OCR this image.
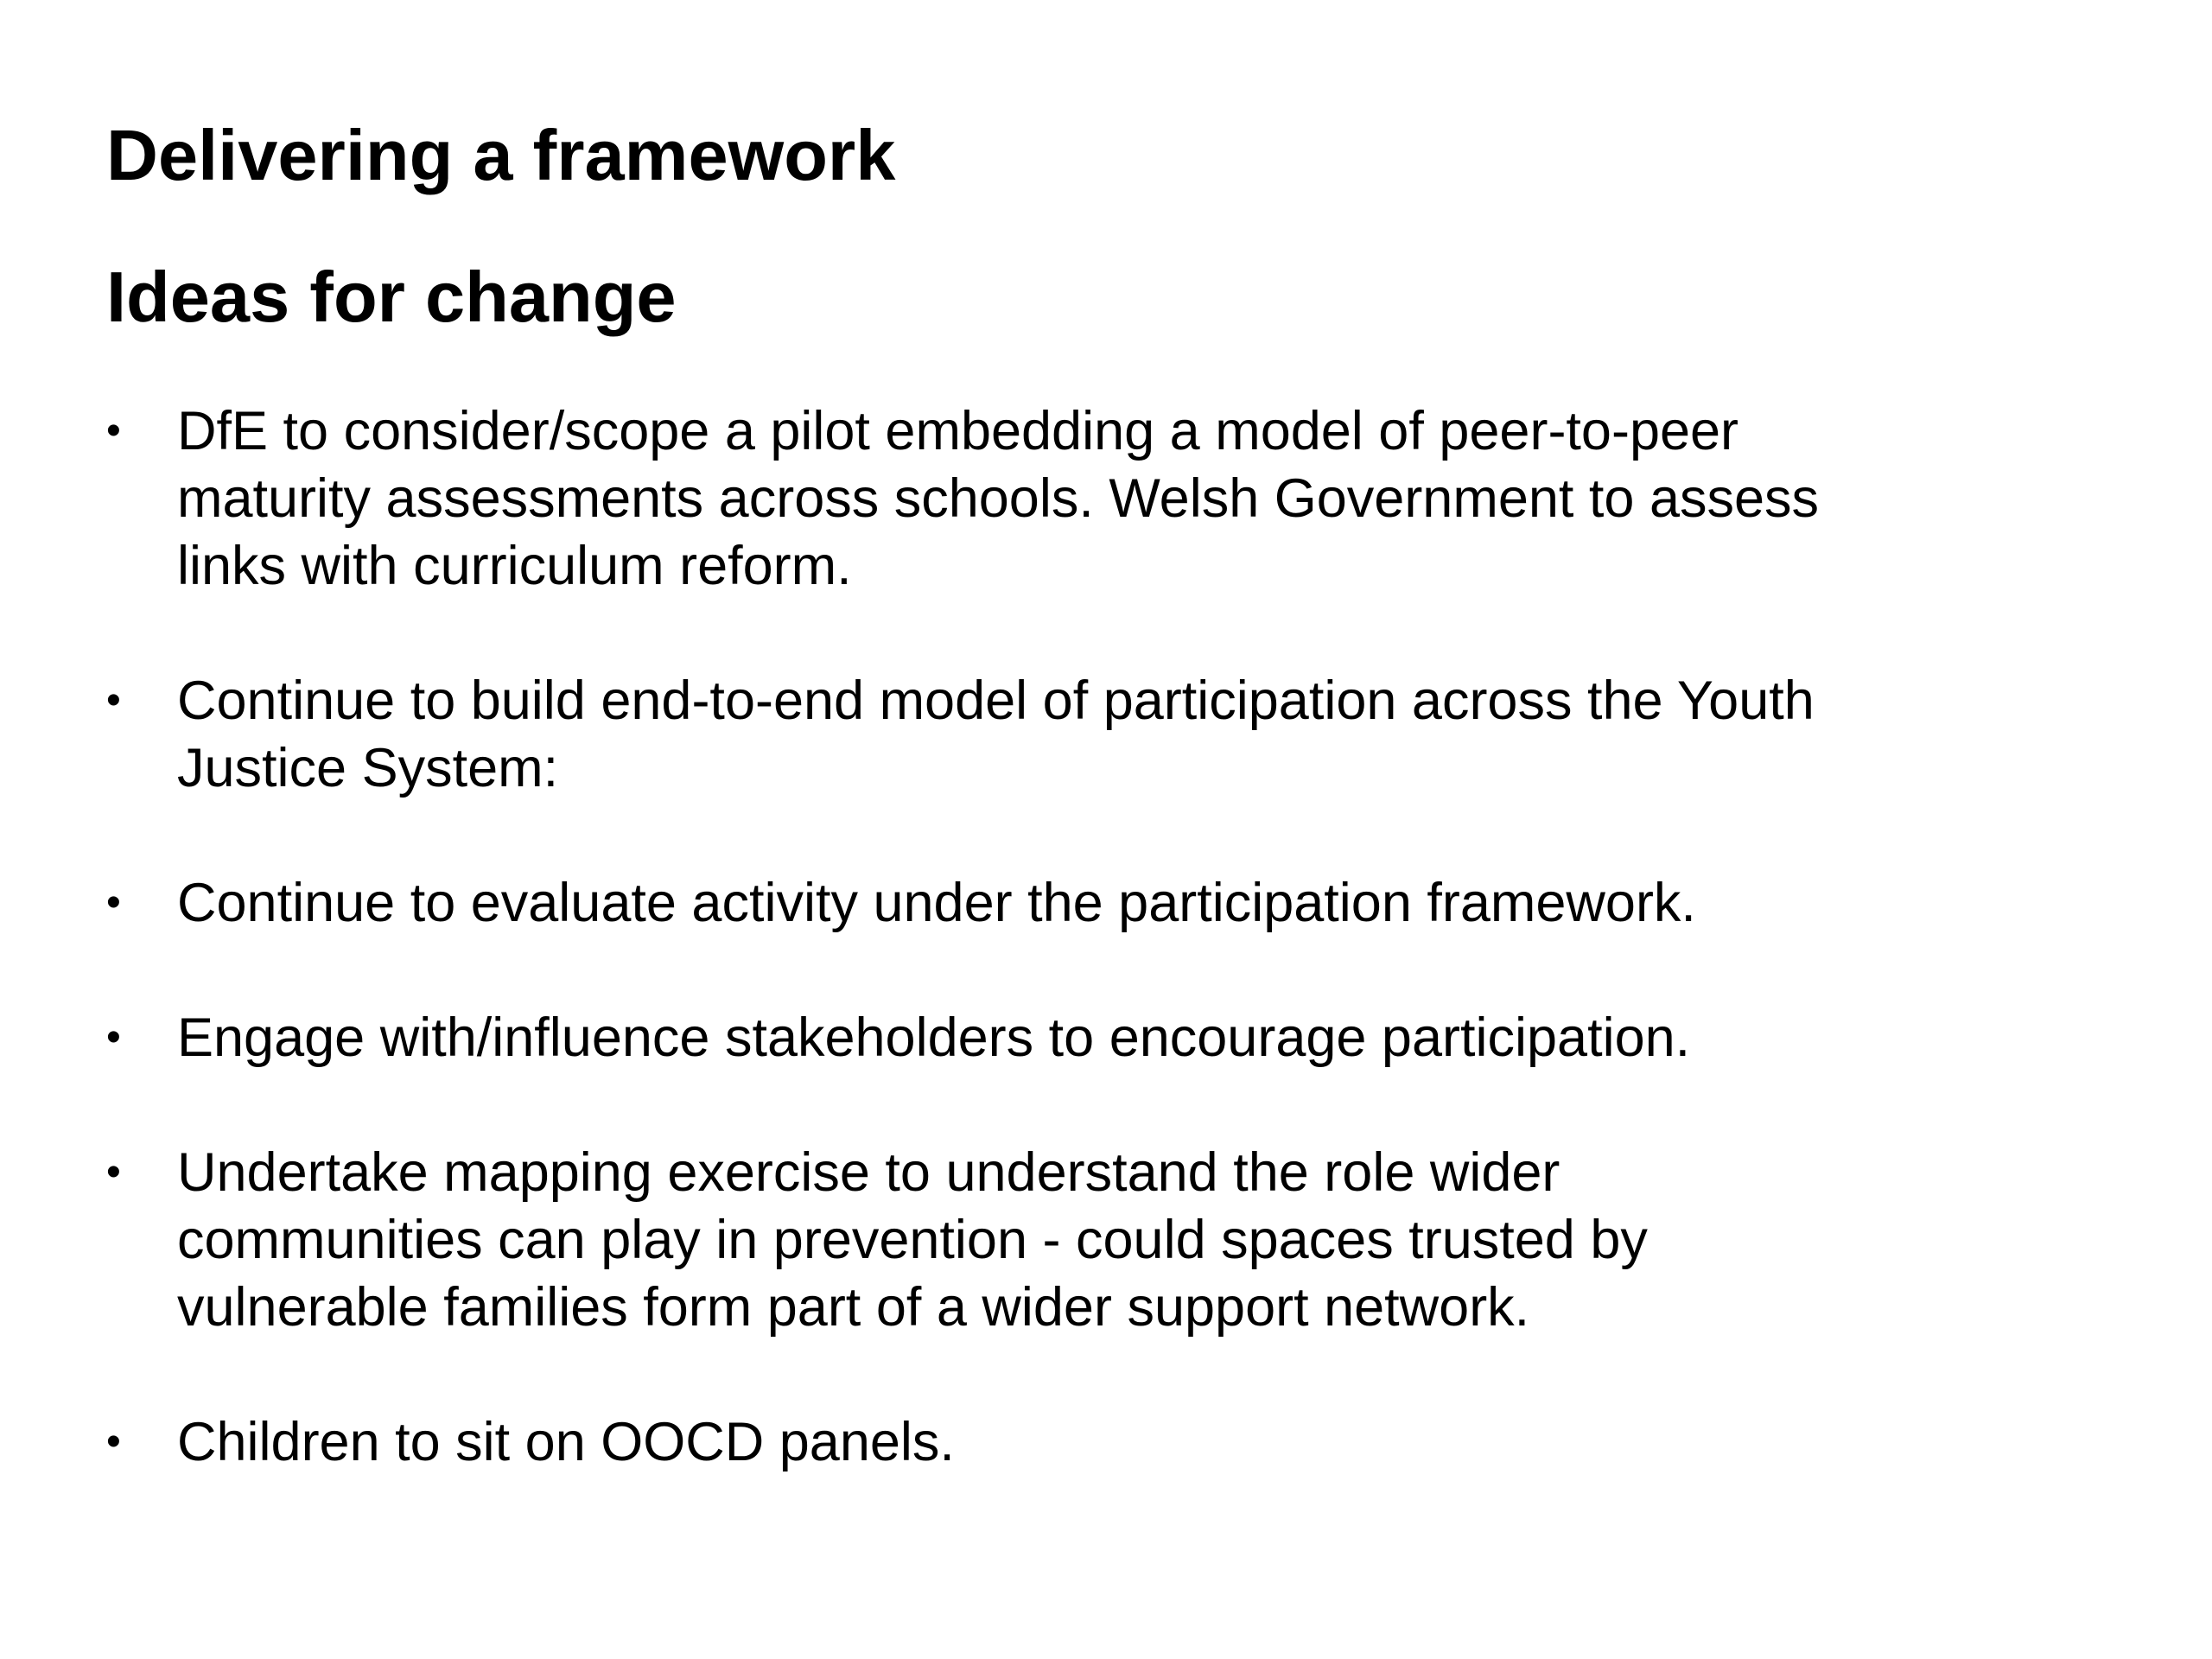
Delivering a framework
Ideas for change
•	DfE to consider/scope a pilot embedding a model of peer-to-peer
maturity assessments across schools. Welsh Government to assess
links with curriculum reform.
•	Continue to build end-to-end model of participation across the Youth
Justice System:
•	Continue to evaluate activity under the participation framework.
•	Engage with/influence stakeholders to encourage participation.
•	Undertake mapping exercise to understand the role wider
communities can play in prevention - could spaces trusted by
vulnerable families form part of a wider support network.
•	Children to sit on OOCD panels.
